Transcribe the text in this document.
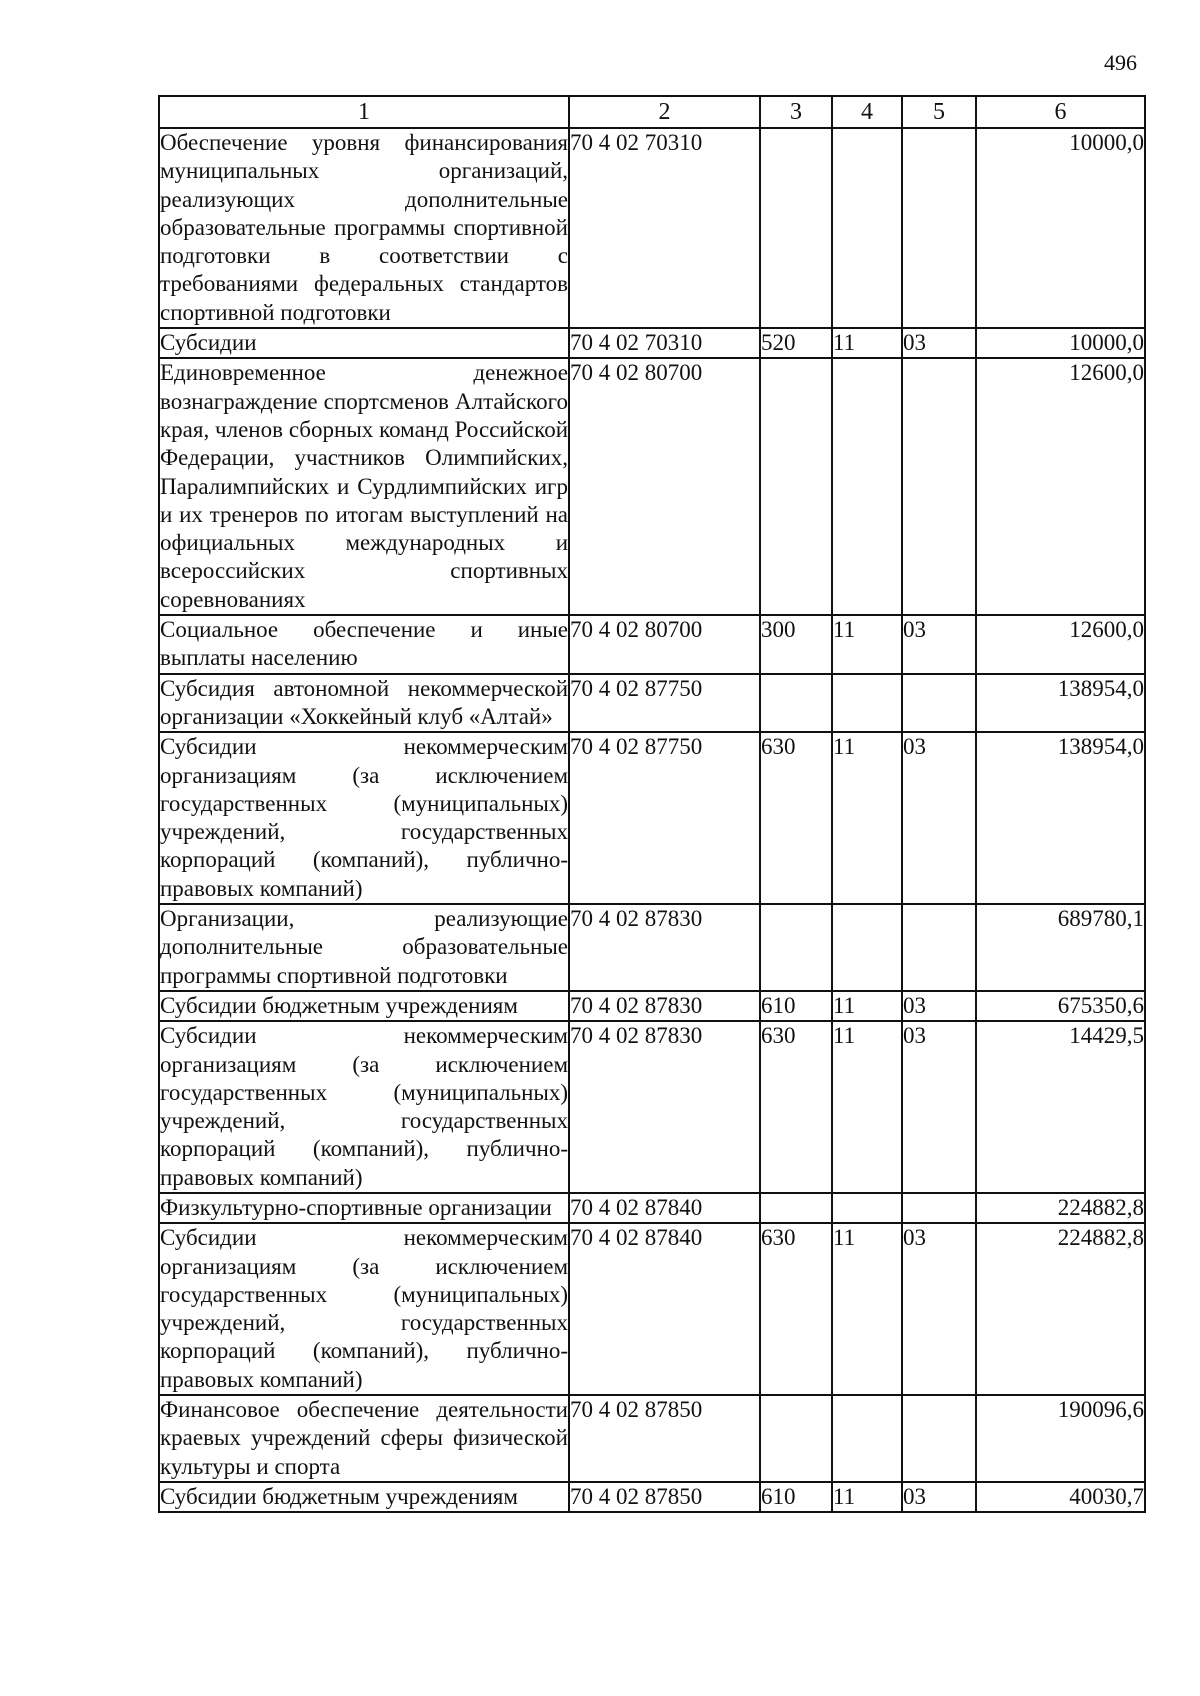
496
1	2	3	4	5	6
Обеспечение уровня финансирования муниципальных организаций, реализующих дополнительные образовательные программы спортивной подготовки в соответствии с требованиями федеральных стандартов спортивной подготовки	70 4 02 70310				10000,0
Субсидии	70 4 02 70310	520	11	03	10000,0
Единовременное денежное вознаграждение спортсменов Алтайского края, членов сборных команд Российской Федерации, участников Олимпийских, Паралимпийских и Сурдлимпийских игр и их тренеров по итогам выступлений на официальных международных и всероссийских спортивных соревнованиях	70 4 02 80700				12600,0
Социальное обеспечение и иные выплаты населению	70 4 02 80700	300	11	03	12600,0
Субсидия автономной некоммерческой организации «Хоккейный клуб «Алтай»	70 4 02 87750				138954,0
Субсидии некоммерческим организациям (за исключением государственных (муниципальных) учреждений, государственных корпораций (компаний), публично-правовых компаний)	70 4 02 87750	630	11	03	138954,0
Организации, реализующие дополнительные образовательные программы спортивной подготовки	70 4 02 87830				689780,1
Субсидии бюджетным учреждениям	70 4 02 87830	610	11	03	675350,6
Субсидии некоммерческим организациям (за исключением государственных (муниципальных) учреждений, государственных корпораций (компаний), публично-правовых компаний)	70 4 02 87830	630	11	03	14429,5
Физкультурно-спортивные организации	70 4 02 87840				224882,8
Субсидии некоммерческим организациям (за исключением государственных (муниципальных) учреждений, государственных корпораций (компаний), публично-правовых компаний)	70 4 02 87840	630	11	03	224882,8
Финансовое обеспечение деятельности краевых учреждений сферы физической культуры и спорта	70 4 02 87850				190096,6
Субсидии бюджетным учреждениям	70 4 02 87850	610	11	03	40030,7
